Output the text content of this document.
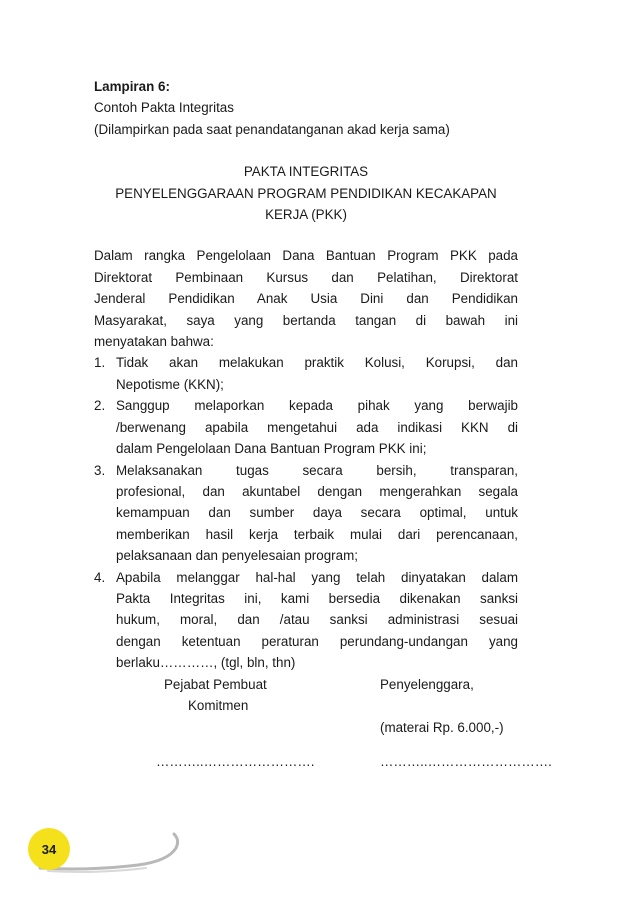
Lampiran 6:
Contoh Pakta Integritas
(Dilampirkan pada saat penandatanganan akad kerja sama)
PAKTA INTEGRITAS
PENYELENGGARAAN PROGRAM PENDIDIKAN KECAKAPAN
KERJA (PKK)
Dalam rangka Pengelolaan Dana Bantuan Program PKK pada
Direktorat Pembinaan Kursus dan Pelatihan, Direktorat
Jenderal Pendidikan Anak Usia Dini dan Pendidikan
Masyarakat, saya yang bertanda tangan di bawah ini
menyatakan bahwa:
1. Tidak akan melakukan praktik Kolusi, Korupsi, dan
Nepotisme (KKN);
2. Sanggup melaporkan kepada pihak yang berwajib
/berwenang apabila mengetahui ada indikasi KKN di
dalam Pengelolaan Dana Bantuan Program PKK ini;
3. Melaksanakan tugas secara bersih, transparan,
profesional, dan akuntabel dengan mengerahkan segala
kemampuan dan sumber daya secara optimal, untuk
memberikan hasil kerja terbaik mulai dari perencanaan,
pelaksanaan dan penyelesaian program;
4. Apabila melanggar hal-hal yang telah dinyatakan dalam
Pakta Integritas ini, kami bersedia dikenakan sanksi
hukum, moral, dan /atau sanksi administrasi sesuai
dengan ketentuan peraturan perundang-undangan yang
berlaku…………, (tgl, bln, thn)
Pejabat Pembuat
Komitmen
Penyelenggara,
(materai Rp. 6.000,-)
………..…………………….	………..……………………….
34
